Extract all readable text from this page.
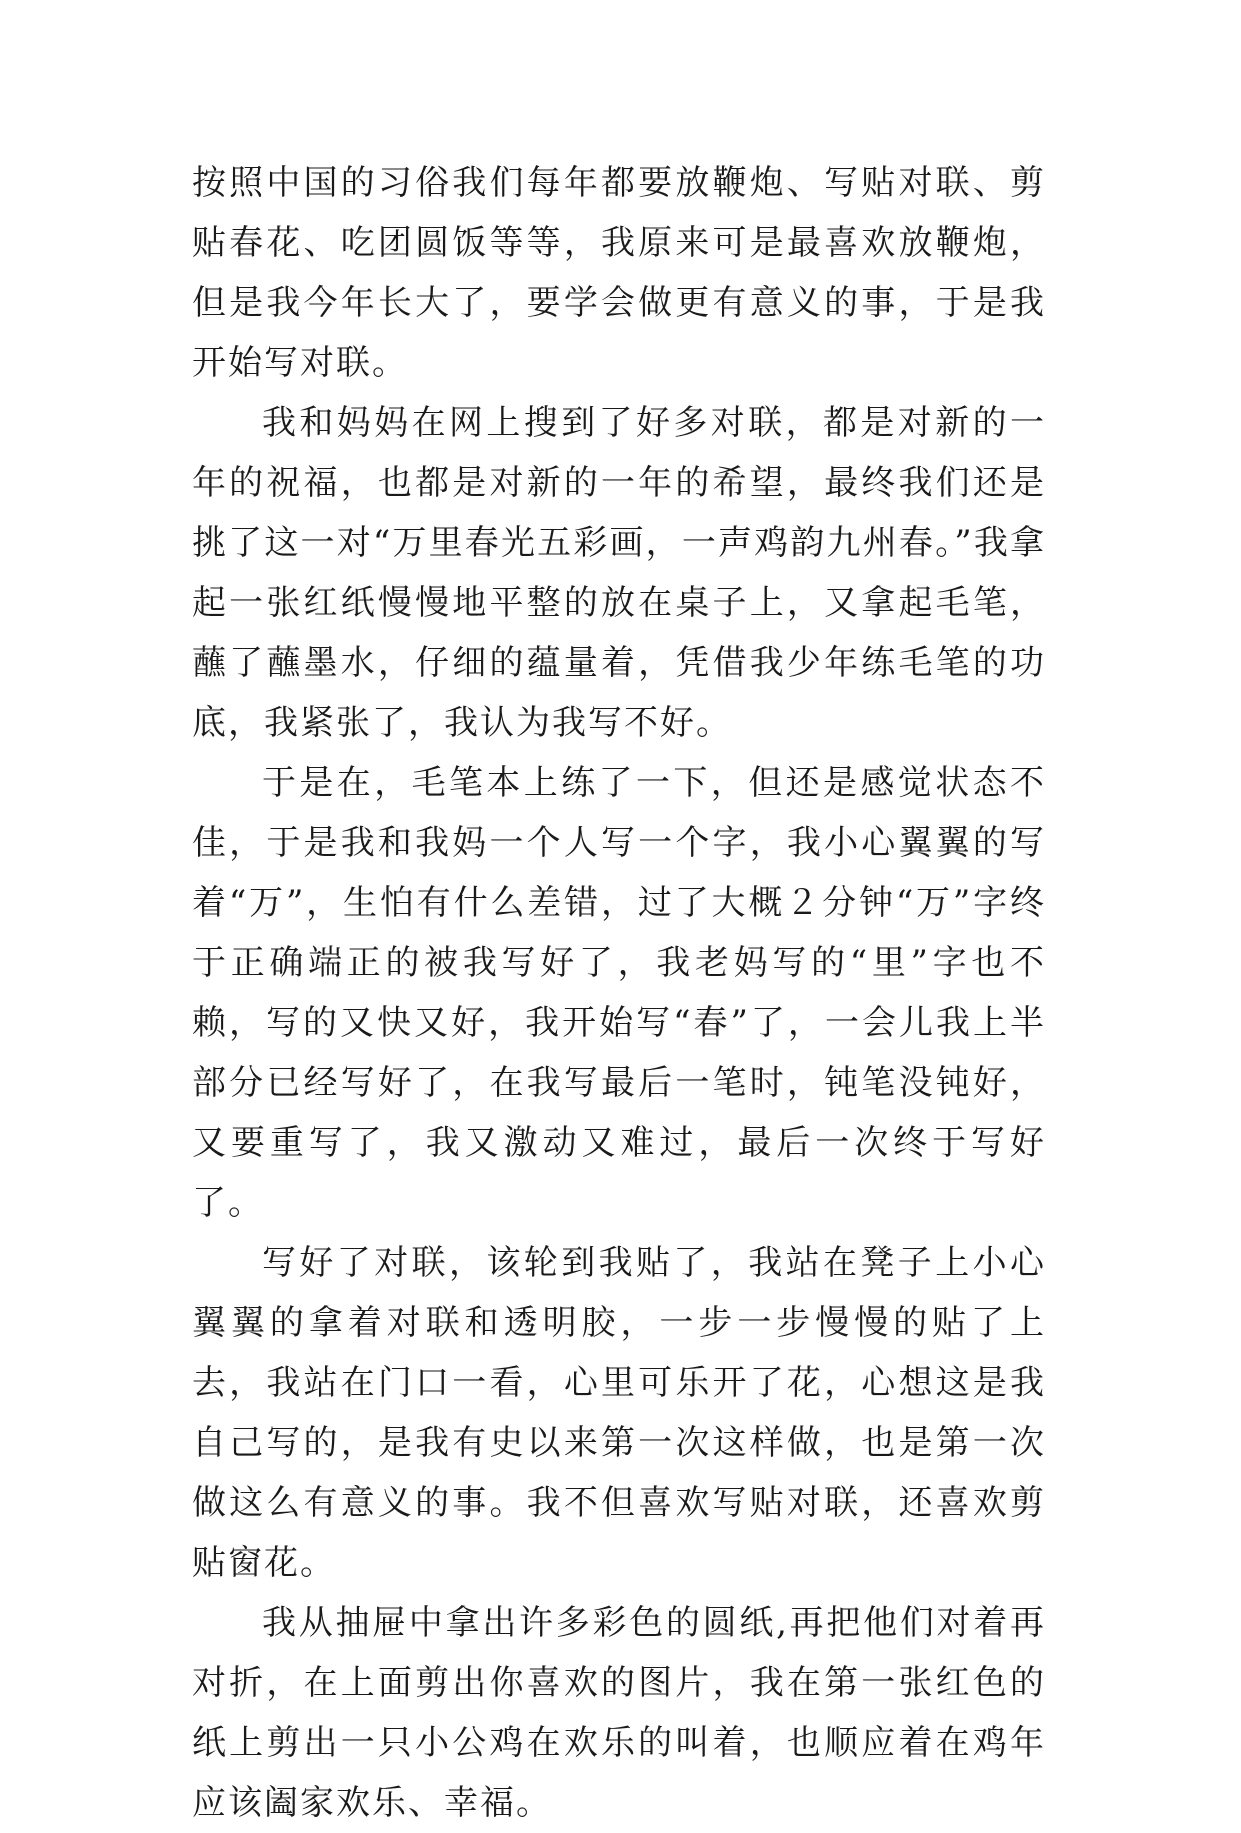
按照中国的习俗我们每年都要放鞭炮、写贴对联、剪贴春花、吃团圆饭等等，我原来可是最喜欢放鞭炮，但是我今年长大了，要学会做更有意义的事，于是我开始写对联。

我和妈妈在网上搜到了好多对联，都是对新的一年的祝福，也都是对新的一年的希望，最终我们还是挑了这一对“万里春光五彩画，一声鸡韵九州春。”我拿起一张红纸慢慢地平整的放在桌子上，又拿起毛笔，蘸了蘸墨水，仔细的蕴量着，凭借我少年练毛笔的功底，我紧张了，我认为我写不好。

于是在，毛笔本上练了一下，但还是感觉状态不佳，于是我和我妈一个人写一个字，我小心翼翼的写着“万”，生怕有什么差错，过了大概２分钟“万”字终于正确端正的被我写好了，我老妈写的“里”字也不赖，写的又快又好，我开始写“春”了，一会儿我上半部分已经写好了，在我写最后一笔时，钝笔没钝好，又要重写了，我又激动又难过，最后一次终于写好了。

写好了对联，该轮到我贴了，我站在凳子上小心翼翼的拿着对联和透明胶，一步一步慢慢的贴了上去，我站在门口一看，心里可乐开了花，心想这是我自己写的，是我有史以来第一次这样做，也是第一次做这么有意义的事。我不但喜欢写贴对联，还喜欢剪贴窗花。

我从抽屉中拿出许多彩色的圆纸,再把他们对着再对折，在上面剪出你喜欢的图片，我在第一张红色的纸上剪出一只小公鸡在欢乐的叫着，也顺应着在鸡年应该阖家欢乐、幸福。
